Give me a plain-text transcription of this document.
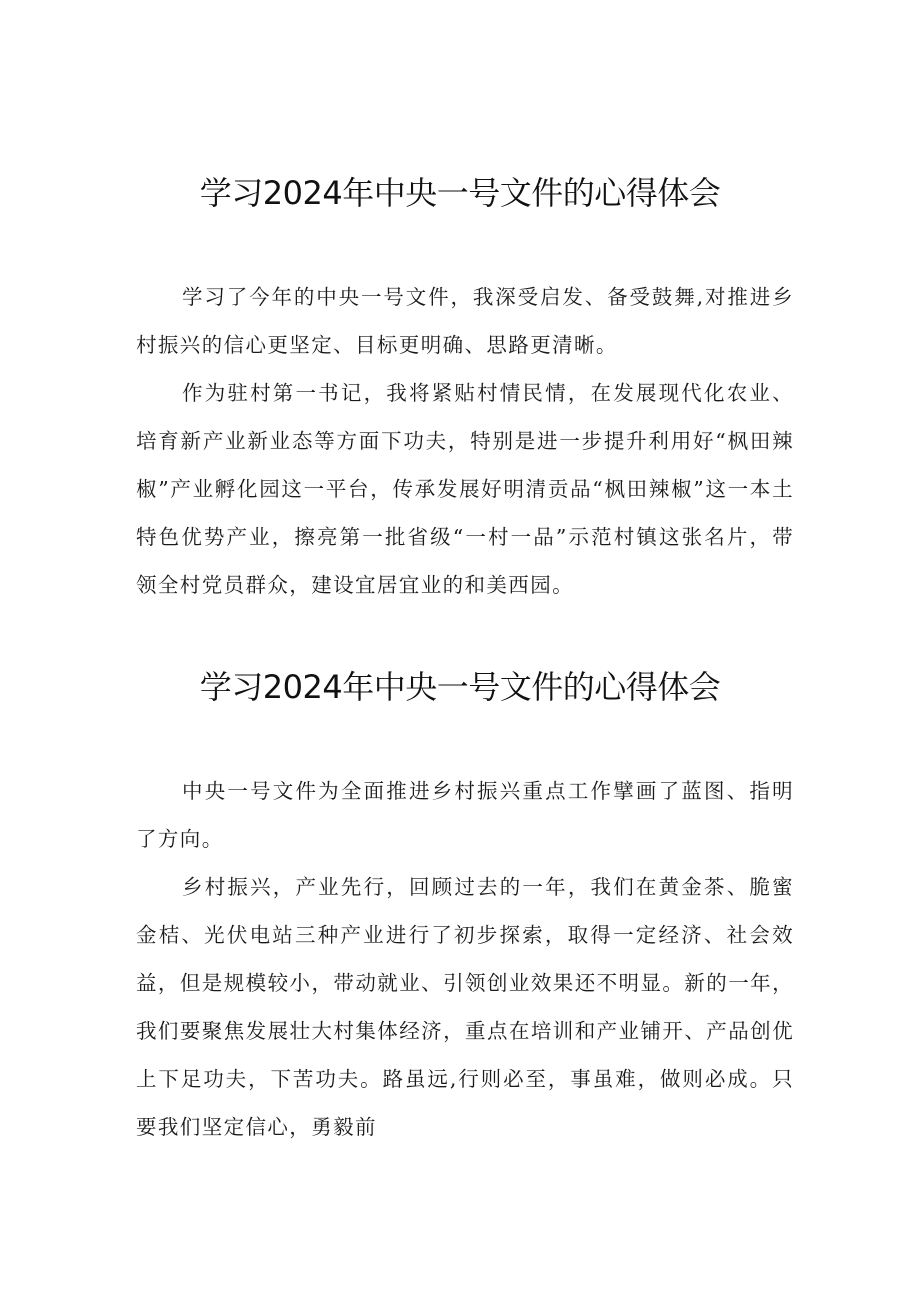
学习2024年中央一号文件的心得体会

学习了今年的中央一号文件，我深受启发、备受鼓舞,对推进乡村振兴的信心更坚定、目标更明确、思路更清晰。

作为驻村第一书记，我将紧贴村情民情，在发展现代化农业、培育新产业新业态等方面下功夫，特别是进一步提升利用好“枫田辣椒”产业孵化园这一平台，传承发展好明清贡品“枫田辣椒”这一本土特色优势产业，擦亮第一批省级“一村一品”示范村镇这张名片，带领全村党员群众，建设宜居宜业的和美西园。

学习2024年中央一号文件的心得体会

中央一号文件为全面推进乡村振兴重点工作擘画了蓝图、指明了方向。

乡村振兴，产业先行，回顾过去的一年，我们在黄金茶、脆蜜金桔、光伏电站三种产业进行了初步探索，取得一定经济、社会效益，但是规模较小，带动就业、引领创业效果还不明显。新的一年，我们要聚焦发展壮大村集体经济，重点在培训和产业铺开、产品创优上下足功夫，下苦功夫。路虽远,行则必至，事虽难，做则必成。只要我们坚定信心，勇毅前
